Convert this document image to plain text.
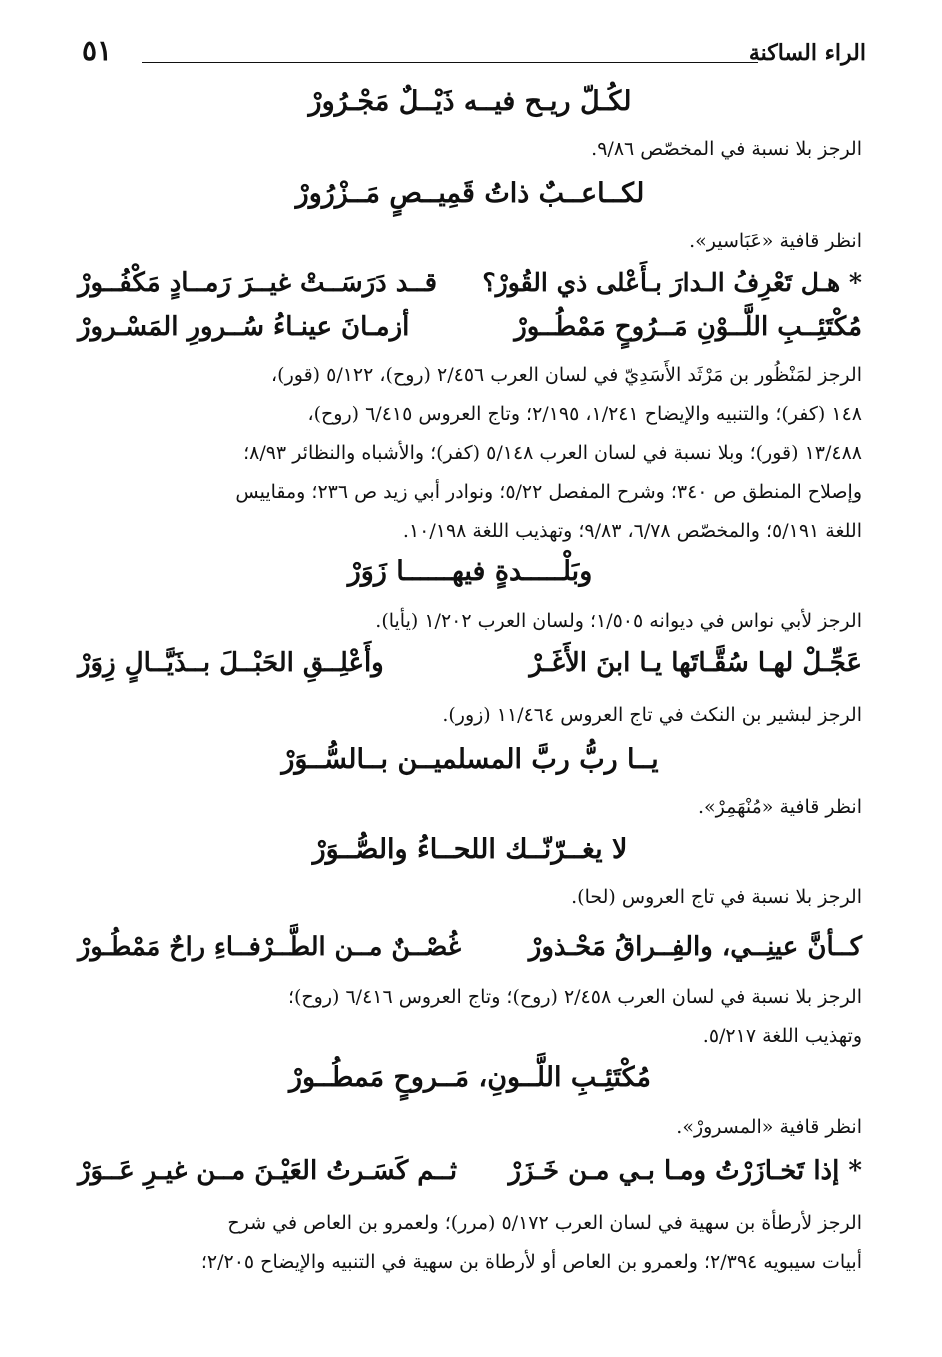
الراء الساكنة
٥١
لكُـلّ ريـح فيــه ذَيْــلٌ مَجْـرُورْ

الرجز بلا نسبة في المخصّص ٩/٨٦.

لكــاعــبٌ ذاتُ قَمِيــصٍ مَــزْرُورْ

انظر قافية «عَبَاسير».

* هـل تَعْرِفُ الـدارَ بـأَعْلى ذي القُورْ؟
قــد دَرَسَــتْ غيــرَ رَمــادٍ مَكْفُــورْ
مُكْتَئِــبِ اللَّــوْنِ مَــرُوحٍ مَمْطُــورْ
أزمـانَ عينـاءُ سُــرورِ المَسْـرورْ

الرجز لمَنْظُور بن مَرْثَد الأَسَدِيّ في لسان العرب ٢/٤٥٦ (روح)، ٥/١٢٢ (قور)،

١٤٨ (كفر)؛ والتنبيه والإيضاح ١/٢٤١، ٢/١٩٥؛ وتاج العروس ٦/٤١٥ (روح)،

١٣/٤٨٨ (قور)؛ وبلا نسبة في لسان العرب ٥/١٤٨ (كفر)؛ والأشباه والنظائر ٨/٩٣؛

وإصلاح المنطق ص ٣٤٠؛ وشرح المفصل ٥/٢٢؛ ونوادر أبي زيد ص ٢٣٦؛ ومقاييس

اللغة ٥/١٩١؛ والمخصّص ٦/٧٨، ٩/٨٣؛ وتهذيب اللغة ١٠/١٩٨.

وبَلْـــــدةٍ فيهــــــا زَوَرْ

الرجز لأبي نواس في ديوانه ١/٥٠٥؛ ولسان العرب ١/٢٠٢ (يأيا).

عَجِّـلْ لهـا سُقَّـاتَها يـا ابنَ الأَغَـرْ
وأَعْلِــقِ الحَبْــلَ بــذَيَّــالٍ زِوَرْ

الرجز لبشير بن النكث في تاج العروس ١١/٤٦٤ (زور).

يــا ربُّ ربَّ المسلميــن بــالسُّــوَرْ

انظر قافية «مُنْهَمِرْ».

لا يغــرّنّــك اللحــاءُ والصُّــوَرْ

الرجز بلا نسبة في تاج العروس (لحا).

كــأنَّ عينِــي، والفِــراقُ مَحْـذورْ
غُصْــنٌ مــن الطَّــرْفــاءِ راحٌ مَمْطُـورْ

الرجز بلا نسبة في لسان العرب ٢/٤٥٨ (روح)؛ وتاج العروس ٦/٤١٦ (روح)؛

وتهذيب اللغة ٥/٢١٧.

مُكْتَئِـبِ اللَّــونِ، مَــروحٍ مَمطُــورْ

انظر قافية «المسرورْ».

* إذا تَخـازَرْتُ ومـا بـي مـن خَـزَرْ
ثــم كَسَـرتُ العَيْـنَ مــن غيـرِ عَــوَرْ

الرجز لأرطأة بن سهية في لسان العرب ٥/١٧٢ (مرر)؛ ولعمرو بن العاص في شرح

أبيات سيبويه ٢/٣٩٤؛ ولعمرو بن العاص أو لأرطاة بن سهية في التنبيه والإيضاح ٢/٢٠٥؛
